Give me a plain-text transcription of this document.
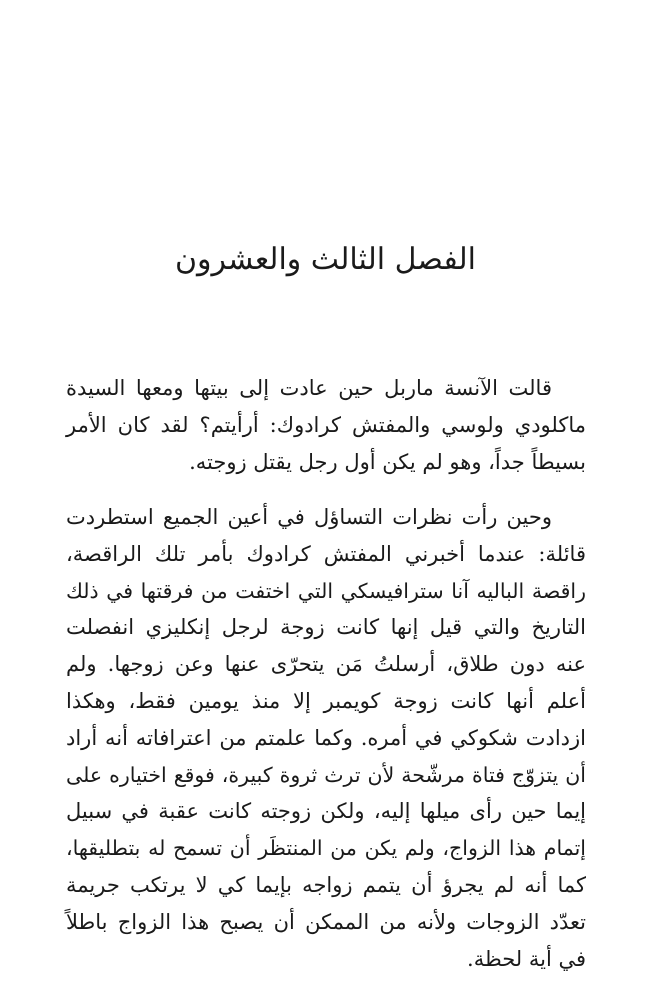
الفصل الثالث والعشرون
قالت الآنسة ماربل حين عادت إلى بيتها ومعها السيدة
ماكلودي ولوسي والمفتش كرادوك: أرأيتم؟ لقد كان الأمر
بسيطاً جداً، وهو لم يكن أول رجل يقتل زوجته.
وحين رأت نظرات التساؤل في أعين الجميع استطردت
قائلة: عندما أخبرني المفتش كرادوك بأمر تلك الراقصة،
راقصة الباليه آنا سترافيسكي التي اختفت من فرقتها في ذلك
التاريخ والتي قيل إنها كانت زوجة لرجل إنكليزي انفصلت
عنه دون طلاق، أرسلتُ مَن يتحرّى عنها وعن زوجها. ولم
أعلم أنها كانت زوجة كويمبر إلا منذ يومين فقط، وهكذا
ازدادت شكوكي في أمره. وكما علمتم من اعترافاته أنه أراد
أن يتزوّج فتاة مرشّحة لأن ترث ثروة كبيرة، فوقع اختياره على
إيما حين رأى ميلها إليه، ولكن زوجته كانت عقبة في سبيل
إتمام هذا الزواج، ولم يكن من المنتظَر أن تسمح له بتطليقها،
كما أنه لم يجرؤ أن يتمم زواجه بإيما كي لا يرتكب جريمة
تعدّد الزوجات ولأنه من الممكن أن يصبح هذا الزواج باطلاً
في أية لحظة.
